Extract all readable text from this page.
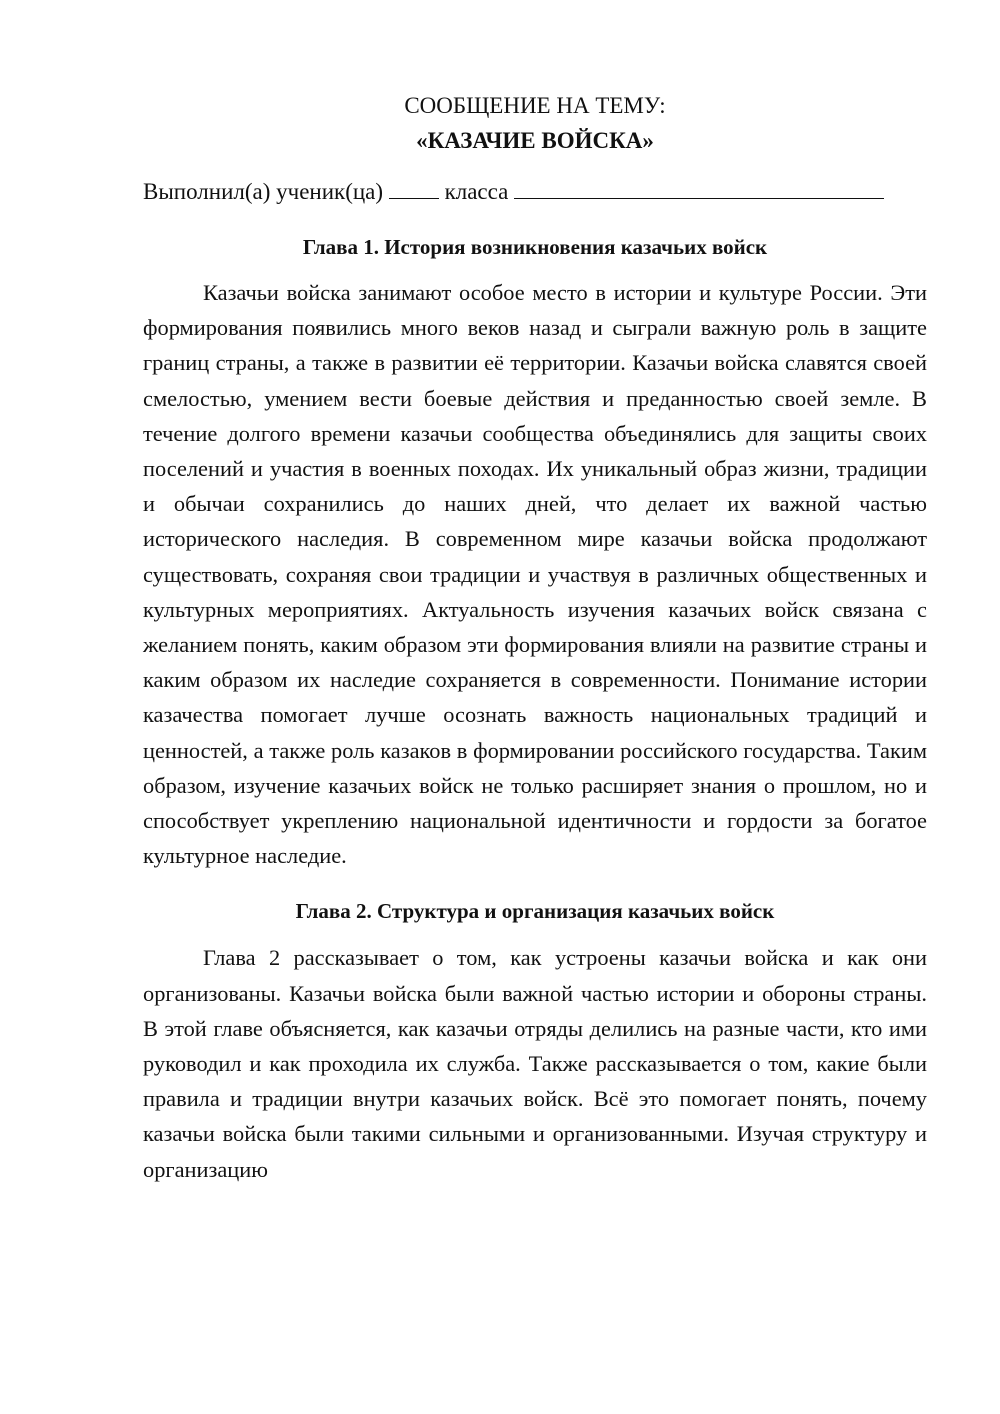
СООБЩЕНИЕ НА ТЕМУ:
«КАЗАЧИЕ ВОЙСКА»

Выполнил(а) ученик(ца)	класса

Глава 1. История возникновения казачьих войск

Казачьи войска занимают особое место в истории и культуре России. Эти формирования появились много веков назад и сыграли важную роль в защите границ страны, а также в развитии её территории. Казачьи войска славятся своей смелостью, умением вести боевые действия и преданностью своей земле. В течение долгого времени казачьи сообщества объединялись для защиты своих поселений и участия в военных походах. Их уникальный образ жизни, традиции и обычаи сохранились до наших дней, что делает их важной частью исторического наследия. В современном мире казачьи войска продолжают существовать, сохраняя свои традиции и участвуя в различных общественных и культурных мероприятиях. Актуальность изучения казачьих войск связана с желанием понять, каким образом эти формирования влияли на развитие страны и каким образом их наследие сохраняется в современности. Понимание истории казачества помогает лучше осознать важность национальных традиций и ценностей, а также роль казаков в формировании российского государства. Таким образом, изучение казачьих войск не только расширяет знания о прошлом, но и способствует укреплению национальной идентичности и гордости за богатое культурное наследие.

Глава 2. Структура и организация казачьих войск

Глава 2 рассказывает о том, как устроены казачьи войска и как они организованы. Казачьи войска были важной частью истории и обороны страны. В этой главе объясняется, как казачьи отряды делились на разные части, кто ими руководил и как проходила их служба. Также рассказывается о том, какие были правила и традиции внутри казачьих войск. Всё это помогает понять, почему казачьи войска были такими сильными и организованными. Изучая структуру и организацию
